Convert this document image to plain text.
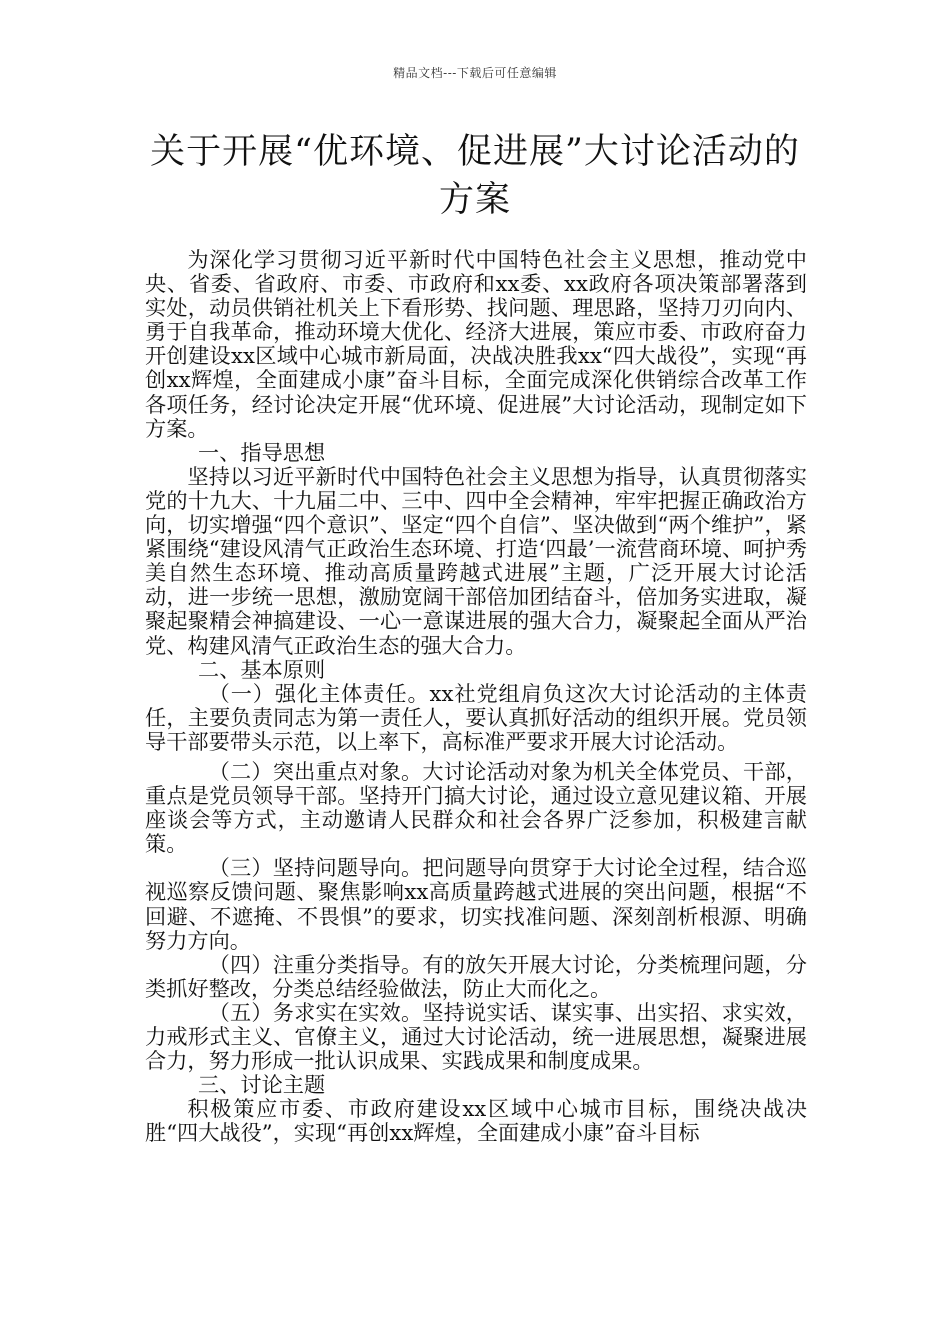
精品文档---下载后可任意编辑
关于开展“优环境、促进展”大讨论活动的方案

为深化学习贯彻习近平新时代中国特色社会主义思想，推动党中央、省委、省政府、市委、市政府和xx委、xx政府各项决策部署落到实处，动员供销社机关上下看形势、找问题、理思路，坚持刀刃向内、勇于自我革命，推动环境大优化、经济大进展，策应市委、市政府奋力开创建设xx区域中心城市新局面，决战决胜我xx“四大战役”，实现“再创xx辉煌，全面建成小康”奋斗目标，全面完成深化供销综合改革工作各项任务，经讨论决定开展“优环境、促进展”大讨论活动，现制定如下方案。

一、指导思想

坚持以习近平新时代中国特色社会主义思想为指导，认真贯彻落实党的十九大、十九届二中、三中、四中全会精神，牢牢把握正确政治方向，切实增强“四个意识”、坚定“四个自信”、坚决做到“两个维护”，紧紧围绕“建设风清气正政治生态环境、打造‘四最’一流营商环境、呵护秀美自然生态环境、推动高质量跨越式进展”主题，广泛开展大讨论活动，进一步统一思想，激励宽阔干部倍加团结奋斗，倍加务实进取，凝聚起聚精会神搞建设、一心一意谋进展的强大合力，凝聚起全面从严治党、构建风清气正政治生态的强大合力。

二、基本原则

（一）强化主体责任。xx社党组肩负这次大讨论活动的主体责任，主要负责同志为第一责任人，要认真抓好活动的组织开展。党员领导干部要带头示范，以上率下，高标准严要求开展大讨论活动。

（二）突出重点对象。大讨论活动对象为机关全体党员、干部，重点是党员领导干部。坚持开门搞大讨论，通过设立意见建议箱、开展座谈会等方式，主动邀请人民群众和社会各界广泛参加，积极建言献策。

（三）坚持问题导向。把问题导向贯穿于大讨论全过程，结合巡视巡察反馈问题、聚焦影响xx高质量跨越式进展的突出问题，根据“不回避、不遮掩、不畏惧”的要求，切实找准问题、深刻剖析根源、明确努力方向。

（四）注重分类指导。有的放矢开展大讨论，分类梳理问题，分类抓好整改，分类总结经验做法，防止大而化之。

（五）务求实在实效。坚持说实话、谋实事、出实招、求实效，力戒形式主义、官僚主义，通过大讨论活动，统一进展思想，凝聚进展合力，努力形成一批认识成果、实践成果和制度成果。

三、讨论主题

积极策应市委、市政府建设xx区域中心城市目标，围绕决战决胜“四大战役”，实现“再创xx辉煌，全面建成小康”奋斗目标
